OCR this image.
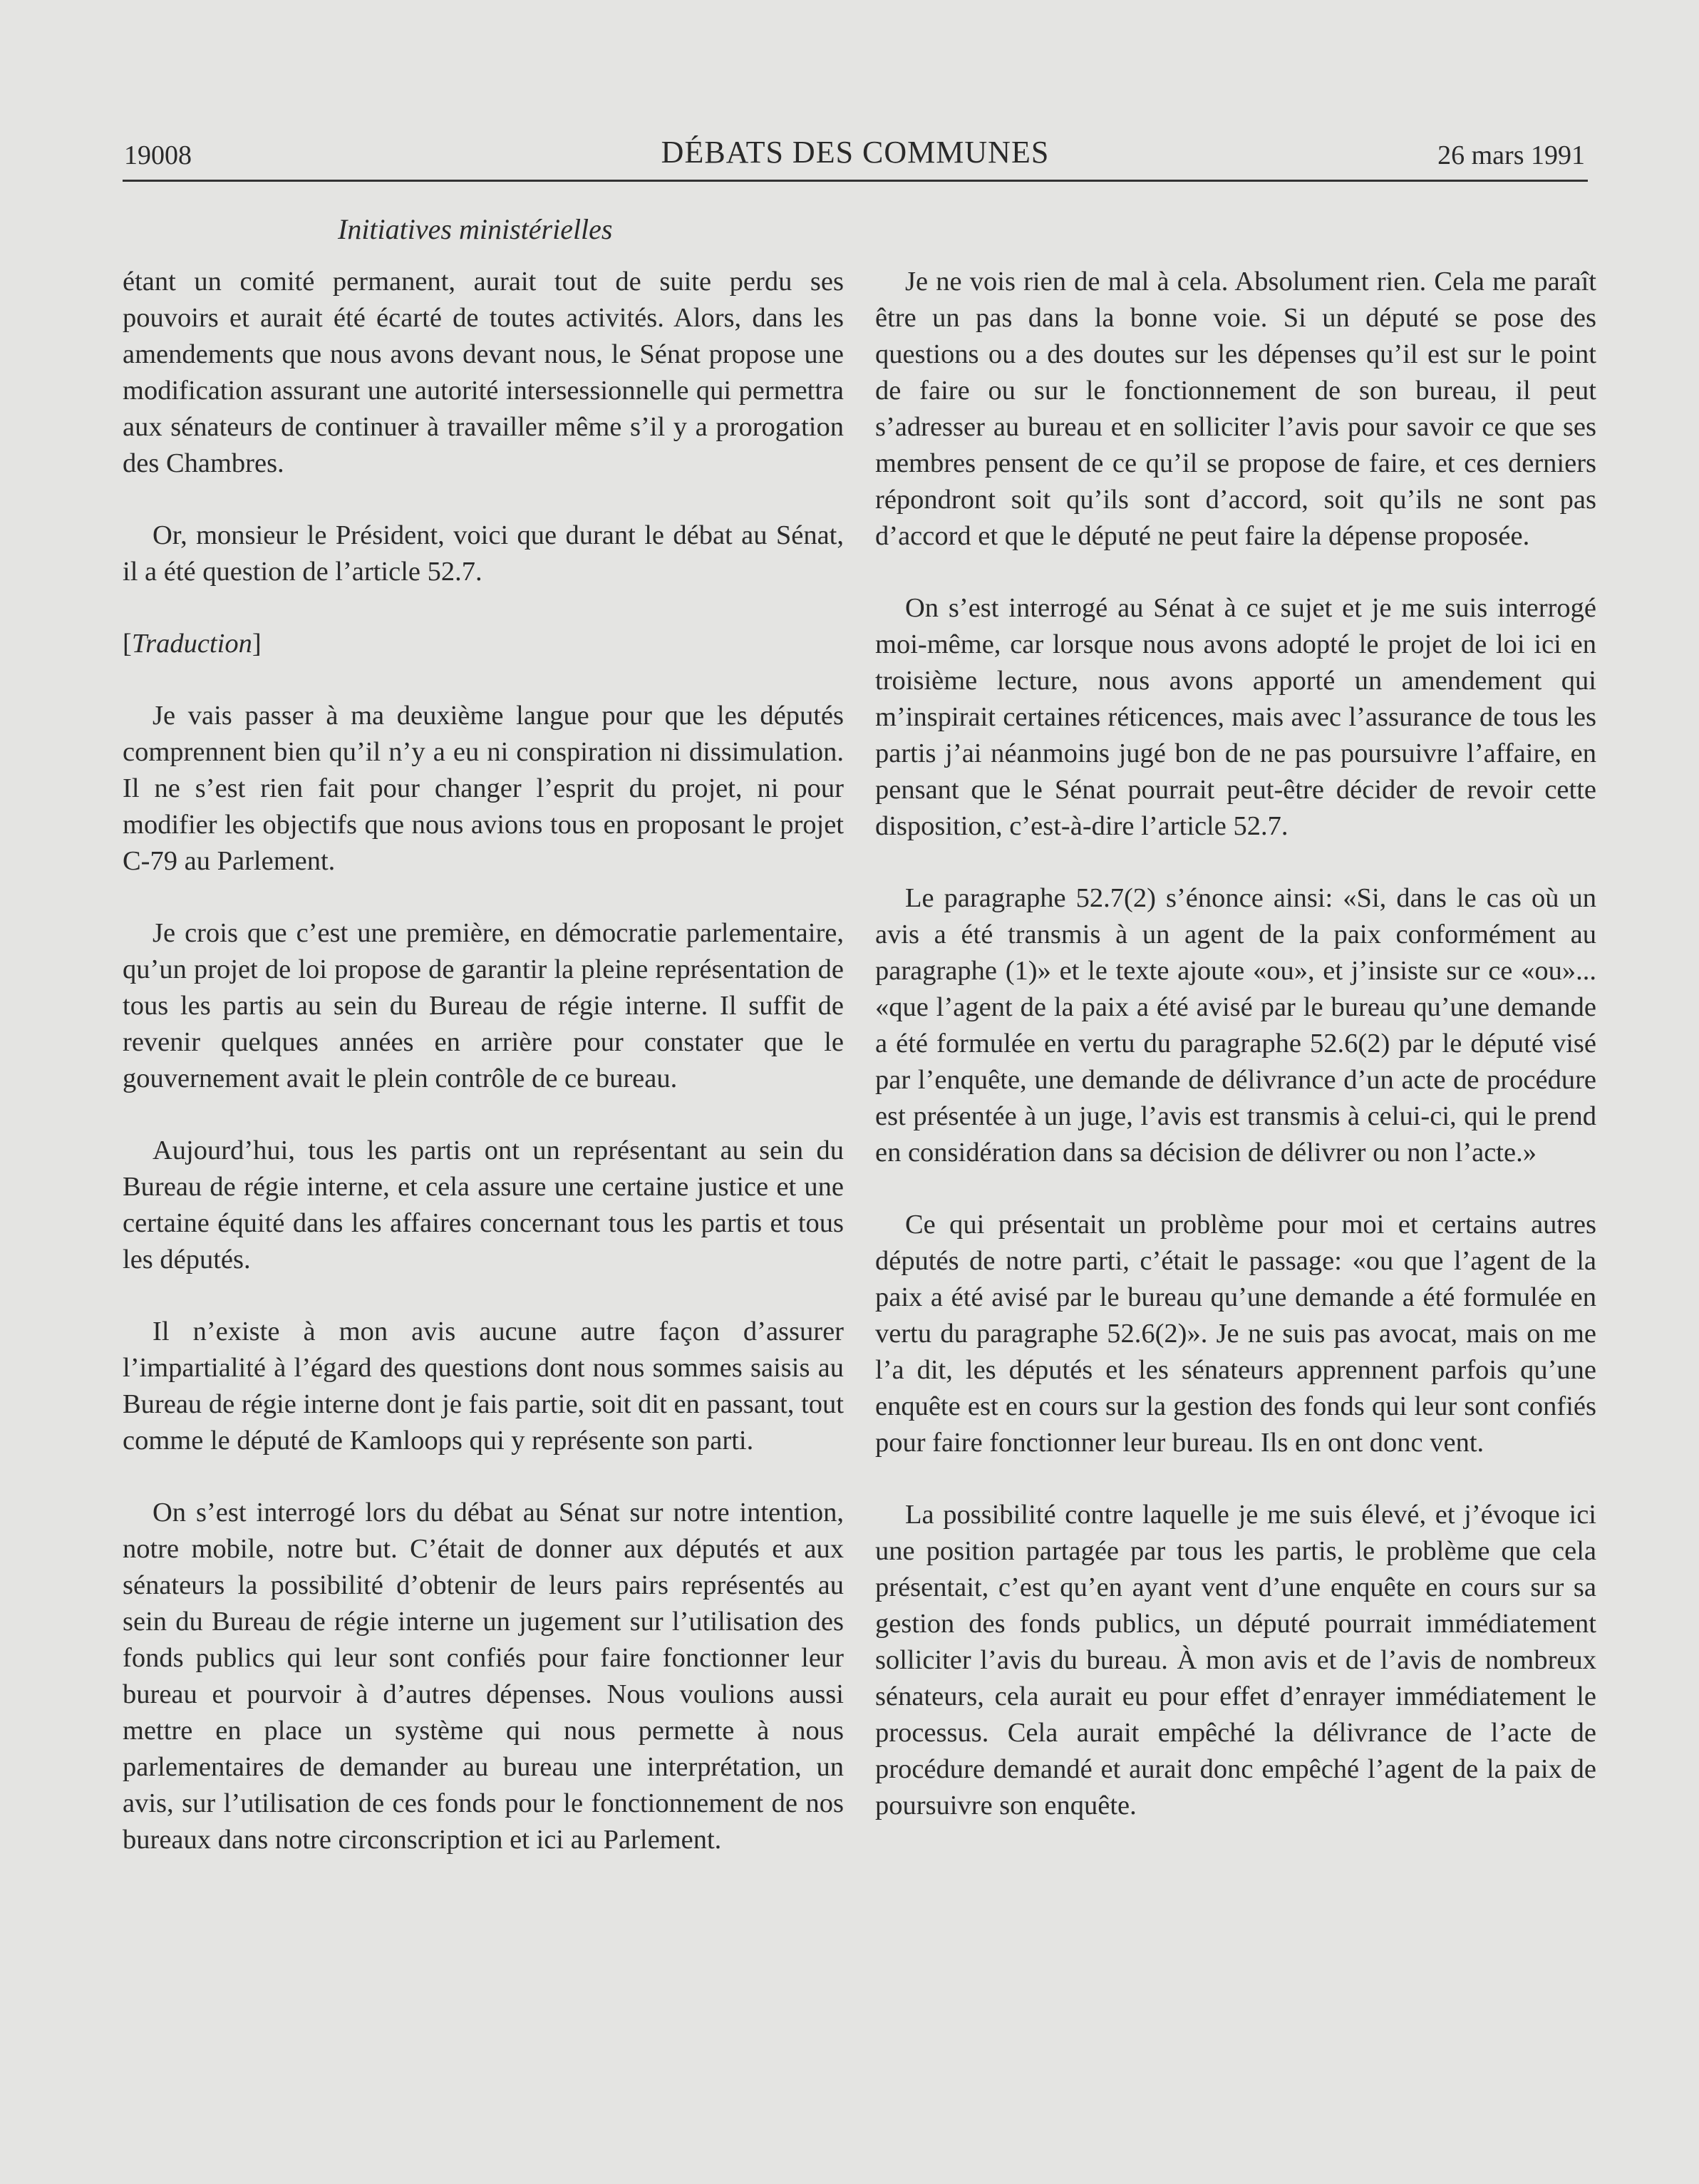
19008	DÉBATS DES COMMUNES	26 mars 1991
Initiatives ministérielles

étant un comité permanent, aurait tout de suite perdu ses pouvoirs et aurait été écarté de toutes activités. Alors, dans les amendements que nous avons devant nous, le Sénat propose une modification assurant une autorité intersessionnelle qui permettra aux sénateurs de continuer à travailler même s’il y a prorogation des Chambres.

Or, monsieur le Président, voici que durant le débat au Sénat, il a été question de l’article 52.7.

[Traduction]

Je vais passer à ma deuxième langue pour que les députés comprennent bien qu’il n’y a eu ni conspiration ni dissimulation. Il ne s’est rien fait pour changer l’esprit du projet, ni pour modifier les objectifs que nous avions tous en proposant le projet C-79 au Parlement.

Je crois que c’est une première, en démocratie parlementaire, qu’un projet de loi propose de garantir la pleine représentation de tous les partis au sein du Bureau de régie interne. Il suffit de revenir quelques années en arrière pour constater que le gouvernement avait le plein contrôle de ce bureau.

Aujourd’hui, tous les partis ont un représentant au sein du Bureau de régie interne, et cela assure une certaine justice et une certaine équité dans les affaires concernant tous les partis et tous les députés.

Il n’existe à mon avis aucune autre façon d’assurer l’impartialité à l’égard des questions dont nous sommes saisis au Bureau de régie interne dont je fais partie, soit dit en passant, tout comme le député de Kamloops qui y représente son parti.

On s’est interrogé lors du débat au Sénat sur notre intention, notre mobile, notre but. C’était de donner aux députés et aux sénateurs la possibilité d’obtenir de leurs pairs représentés au sein du Bureau de régie interne un jugement sur l’utilisation des fonds publics qui leur sont confiés pour faire fonctionner leur bureau et pourvoir à d’autres dépenses. Nous voulions aussi mettre en place un système qui nous permette à nous parlementaires de demander au bureau une interprétation, un avis, sur l’utilisation de ces fonds pour le fonctionnement de nos bureaux dans notre circonscription et ici au Parlement.

Je ne vois rien de mal à cela. Absolument rien. Cela me paraît être un pas dans la bonne voie. Si un député se pose des questions ou a des doutes sur les dépenses qu’il est sur le point de faire ou sur le fonctionnement de son bureau, il peut s’adresser au bureau et en solliciter l’avis pour savoir ce que ses membres pensent de ce qu’il se propose de faire, et ces derniers répondront soit qu’ils sont d’accord, soit qu’ils ne sont pas d’accord et que le député ne peut faire la dépense proposée.

On s’est interrogé au Sénat à ce sujet et je me suis interrogé moi-même, car lorsque nous avons adopté le projet de loi ici en troisième lecture, nous avons apporté un amendement qui m’inspirait certaines réticences, mais avec l’assurance de tous les partis j’ai néanmoins jugé bon de ne pas poursuivre l’affaire, en pensant que le Sénat pourrait peut-être décider de revoir cette disposition, c’est-à-dire l’article 52.7.

Le paragraphe 52.7(2) s’énonce ainsi: «Si, dans le cas où un avis a été transmis à un agent de la paix conformément au paragraphe (1)» et le texte ajoute «ou», et j’insiste sur ce «ou»... «que l’agent de la paix a été avisé par le bureau qu’une demande a été formulée en vertu du paragraphe 52.6(2) par le député visé par l’enquête, une demande de délivrance d’un acte de procédure est présentée à un juge, l’avis est transmis à celui-ci, qui le prend en considération dans sa décision de délivrer ou non l’acte.»

Ce qui présentait un problème pour moi et certains autres députés de notre parti, c’était le passage: «ou que l’agent de la paix a été avisé par le bureau qu’une demande a été formulée en vertu du paragraphe 52.6(2)». Je ne suis pas avocat, mais on me l’a dit, les députés et les sénateurs apprennent parfois qu’une enquête est en cours sur la gestion des fonds qui leur sont confiés pour faire fonctionner leur bureau. Ils en ont donc vent.

La possibilité contre laquelle je me suis élevé, et j’évoque ici une position partagée par tous les partis, le problème que cela présentait, c’est qu’en ayant vent d’une enquête en cours sur sa gestion des fonds publics, un député pourrait immédiatement solliciter l’avis du bureau. À mon avis et de l’avis de nombreux sénateurs, cela aurait eu pour effet d’enrayer immédiatement le processus. Cela aurait empêché la délivrance de l’acte de procédure demandé et aurait donc empêché l’agent de la paix de poursuivre son enquête.
